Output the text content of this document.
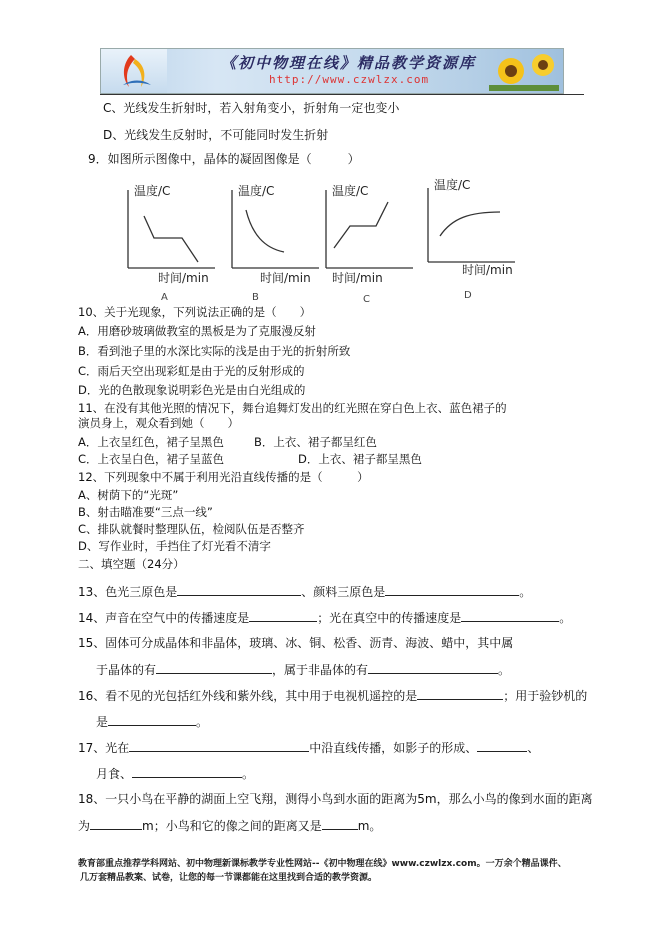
《初中物理在线》精品教学资源库
http://www.czwlzx.com
C、光线发生折射时，若入射角变小，折射角一定也变小
D、光线发生反射时，不可能同时发生折射
9．如图所示图像中，晶体的凝固图像是（　　　）
温度/C
时间/min
A
温度/C
时间/min
B
温度/C
时间/min
C
温度/C
时间/min
D
10、关于光现象，下列说法正确的是（　　）
A．用磨砂玻璃做教室的黑板是为了克服漫反射
B．看到池子里的水深比实际的浅是由于光的折射所致
C．雨后天空出现彩虹是由于光的反射形成的
D．光的色散现象说明彩色光是由白光组成的
11、在没有其他光照的情况下，舞台追舞灯发出的红光照在穿白色上衣、蓝色裙子的
演员身上，观众看到她（　　）
A．上衣呈红色，裙子呈黑色	B．上衣、裙子都呈红色
C．上衣呈白色，裙子呈蓝色	D．上衣、裙子都呈黑色
12、下列现象中不属于利用光沿直线传播的是（　　　）
A、树荫下的“光斑”
B、射击瞄准要“三点一线”
C、排队就餐时整理队伍，检阅队伍是否整齐
D、写作业时，手挡住了灯光看不清字
二、填空题（24分）
13、色光三原色是	、颜料三原色是	。
14、声音在空气中的传播速度是	；光在真空中的传播速度是	。
15、固体可分成晶体和非晶体，玻璃、冰、铜、松香、沥青、海波、蜡中，其中属
于晶体的有	，属于非晶体的有	。
16、看不见的光包括红外线和紫外线，其中用于电视机遥控的是	；用于验钞机的
是	。
17、光在	中沿直线传播，如影子的形成、	、
月食、	。
18、一只小鸟在平静的湖面上空飞翔，测得小鸟到水面的距离为5m，那么小鸟的像到水面的距离
为	m；小鸟和它的像之间的距离又是	m。
教育部重点推荐学科网站、初中物理新课标教学专业性网站--《初中物理在线》www.czwlzx.com。一万余个精品课件、
几万套精品教案、试卷，让您的每一节课都能在这里找到合适的教学资源。
